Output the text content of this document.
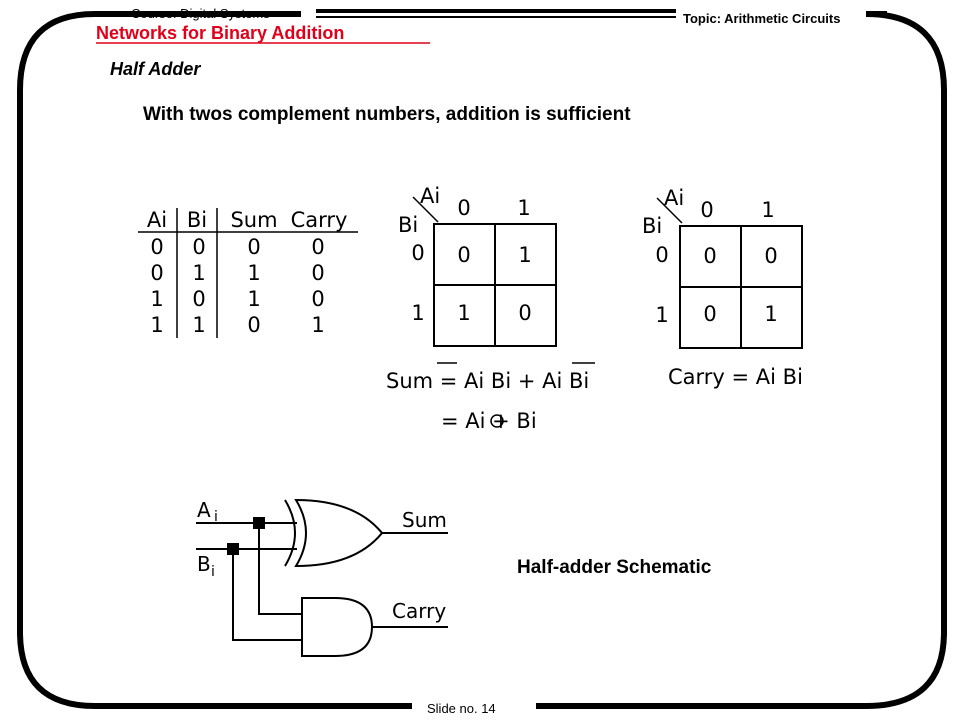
Course: Digital Systems	Topic: Arithmetic Circuits
Networks for Binary Addition
Half Adder
With twos complement numbers, addition is sufficient
Ai Bi Sum Carry
0 0 0 0
0 1 1 0
1 0 1 0
1 1 0 1
Ai
Bi
0 1
0
1
0 1
1 0
Ai
Bi
0 1
0
1
0 0
0 1
Sum = Ai Bi + Ai Bi
= Ai + Bi
Carry = Ai Bi
A i
B i
Sum
Carry
Half-adder Schematic
Slide no. 14
